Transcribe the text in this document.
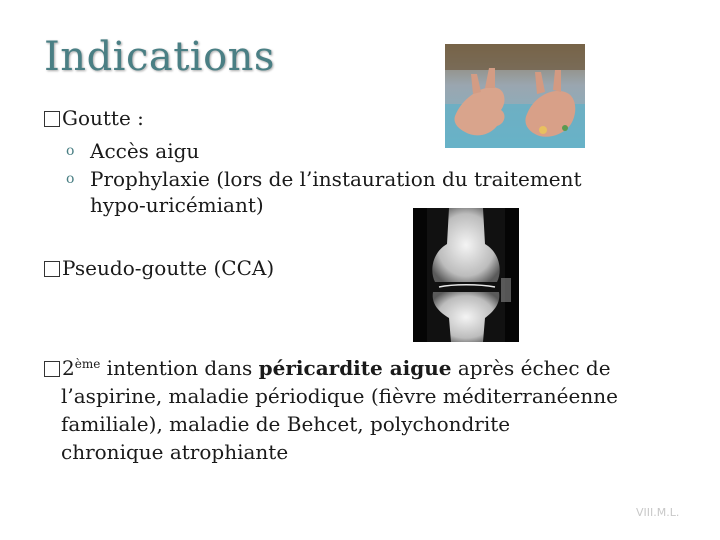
Indications
Goutte :
o Accès aigu
o Prophylaxie (lors de l’instauration du traitement
hypo-uricémiant)
Pseudo-goutte (CCA)
2ème intention dans péricardite aigue après échec de
l’aspirine, maladie périodique (fièvre méditerranéenne
familiale), maladie de Behcet, polychondrite
chronique atrophiante
VIII.M.L.
